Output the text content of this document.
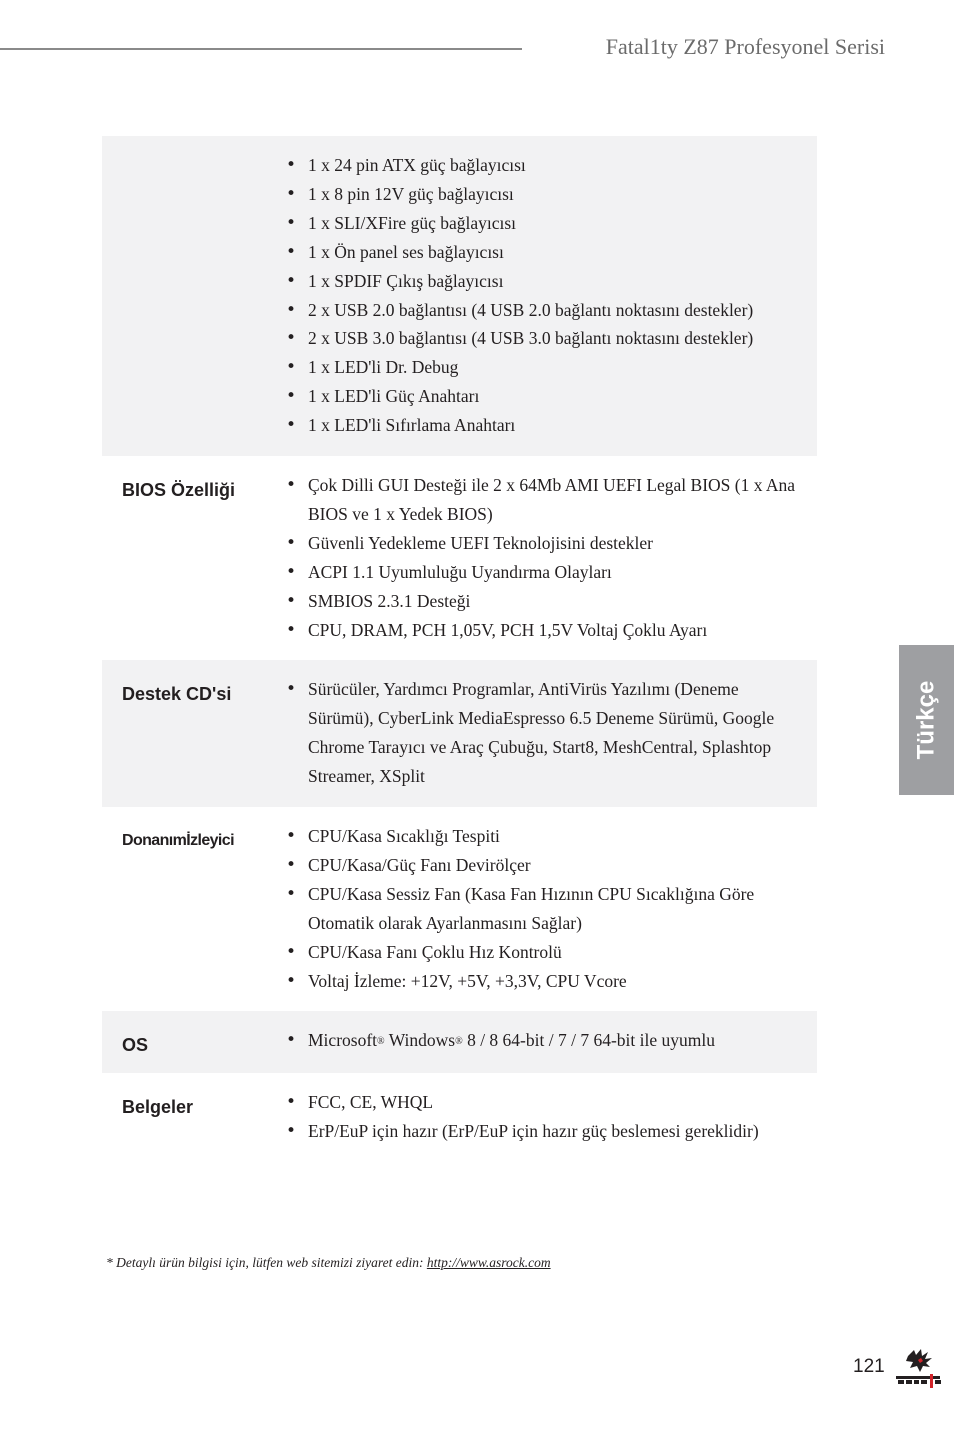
Fatal1ty Z87 Profesyonel Serisi
• 1 x 24 pin ATX güç bağlayıcısı
• 1 x 8 pin 12V güç bağlayıcısı
• 1 x SLI/XFire güç bağlayıcısı
• 1 x Ön panel ses bağlayıcısı
• 1 x SPDIF Çıkış bağlayıcısı
• 2 x USB 2.0 bağlantısı (4 USB 2.0 bağlantı noktasını destekler)
• 2 x USB 3.0 bağlantısı (4 USB 3.0 bağlantı noktasını destekler)
• 1 x LED'li Dr. Debug
• 1 x LED'li Güç Anahtarı
• 1 x LED'li Sıfırlama Anahtarı
BIOS Özelliği	• Çok Dilli GUI Desteği ile 2 x 64Mb AMI UEFI Legal BIOS (1 x Ana BIOS ve 1 x Yedek BIOS)
• Güvenli Yedekleme UEFI Teknolojisini destekler
• ACPI 1.1 Uyumluluğu Uyandırma Olayları
• SMBIOS 2.3.1 Desteği
• CPU, DRAM, PCH 1,05V, PCH 1,5V Voltaj Çoklu Ayarı
Destek CD'si	• Sürücüler, Yardımcı Programlar, AntiVirüs Yazılımı (Deneme Sürümü), CyberLink MediaEspresso 6.5 Deneme Sürümü, Google Chrome Tarayıcı ve Araç Çubuğu, Start8, MeshCentral, Splashtop Streamer, XSplit
Donanımİzleyici	• CPU/Kasa Sıcaklığı Tespiti
• CPU/Kasa/Güç Fanı Devirölçer
• CPU/Kasa Sessiz Fan (Kasa Fan Hızının CPU Sıcaklığına Göre Otomatik olarak Ayarlanmasını Sağlar)
• CPU/Kasa Fanı Çoklu Hız Kontrolü
• Voltaj İzleme: +12V, +5V, +3,3V, CPU Vcore
OS	• Microsoft® Windows® 8 / 8 64-bit / 7 / 7 64-bit ile uyumlu
Belgeler	• FCC, CE, WHQL
• ErP/EuP için hazır (ErP/EuP için hazır güç beslemesi gereklidir)
Türkçe
* Detaylı ürün bilgisi için, lütfen web sitemizi ziyaret edin: http://www.asrock.com
121
